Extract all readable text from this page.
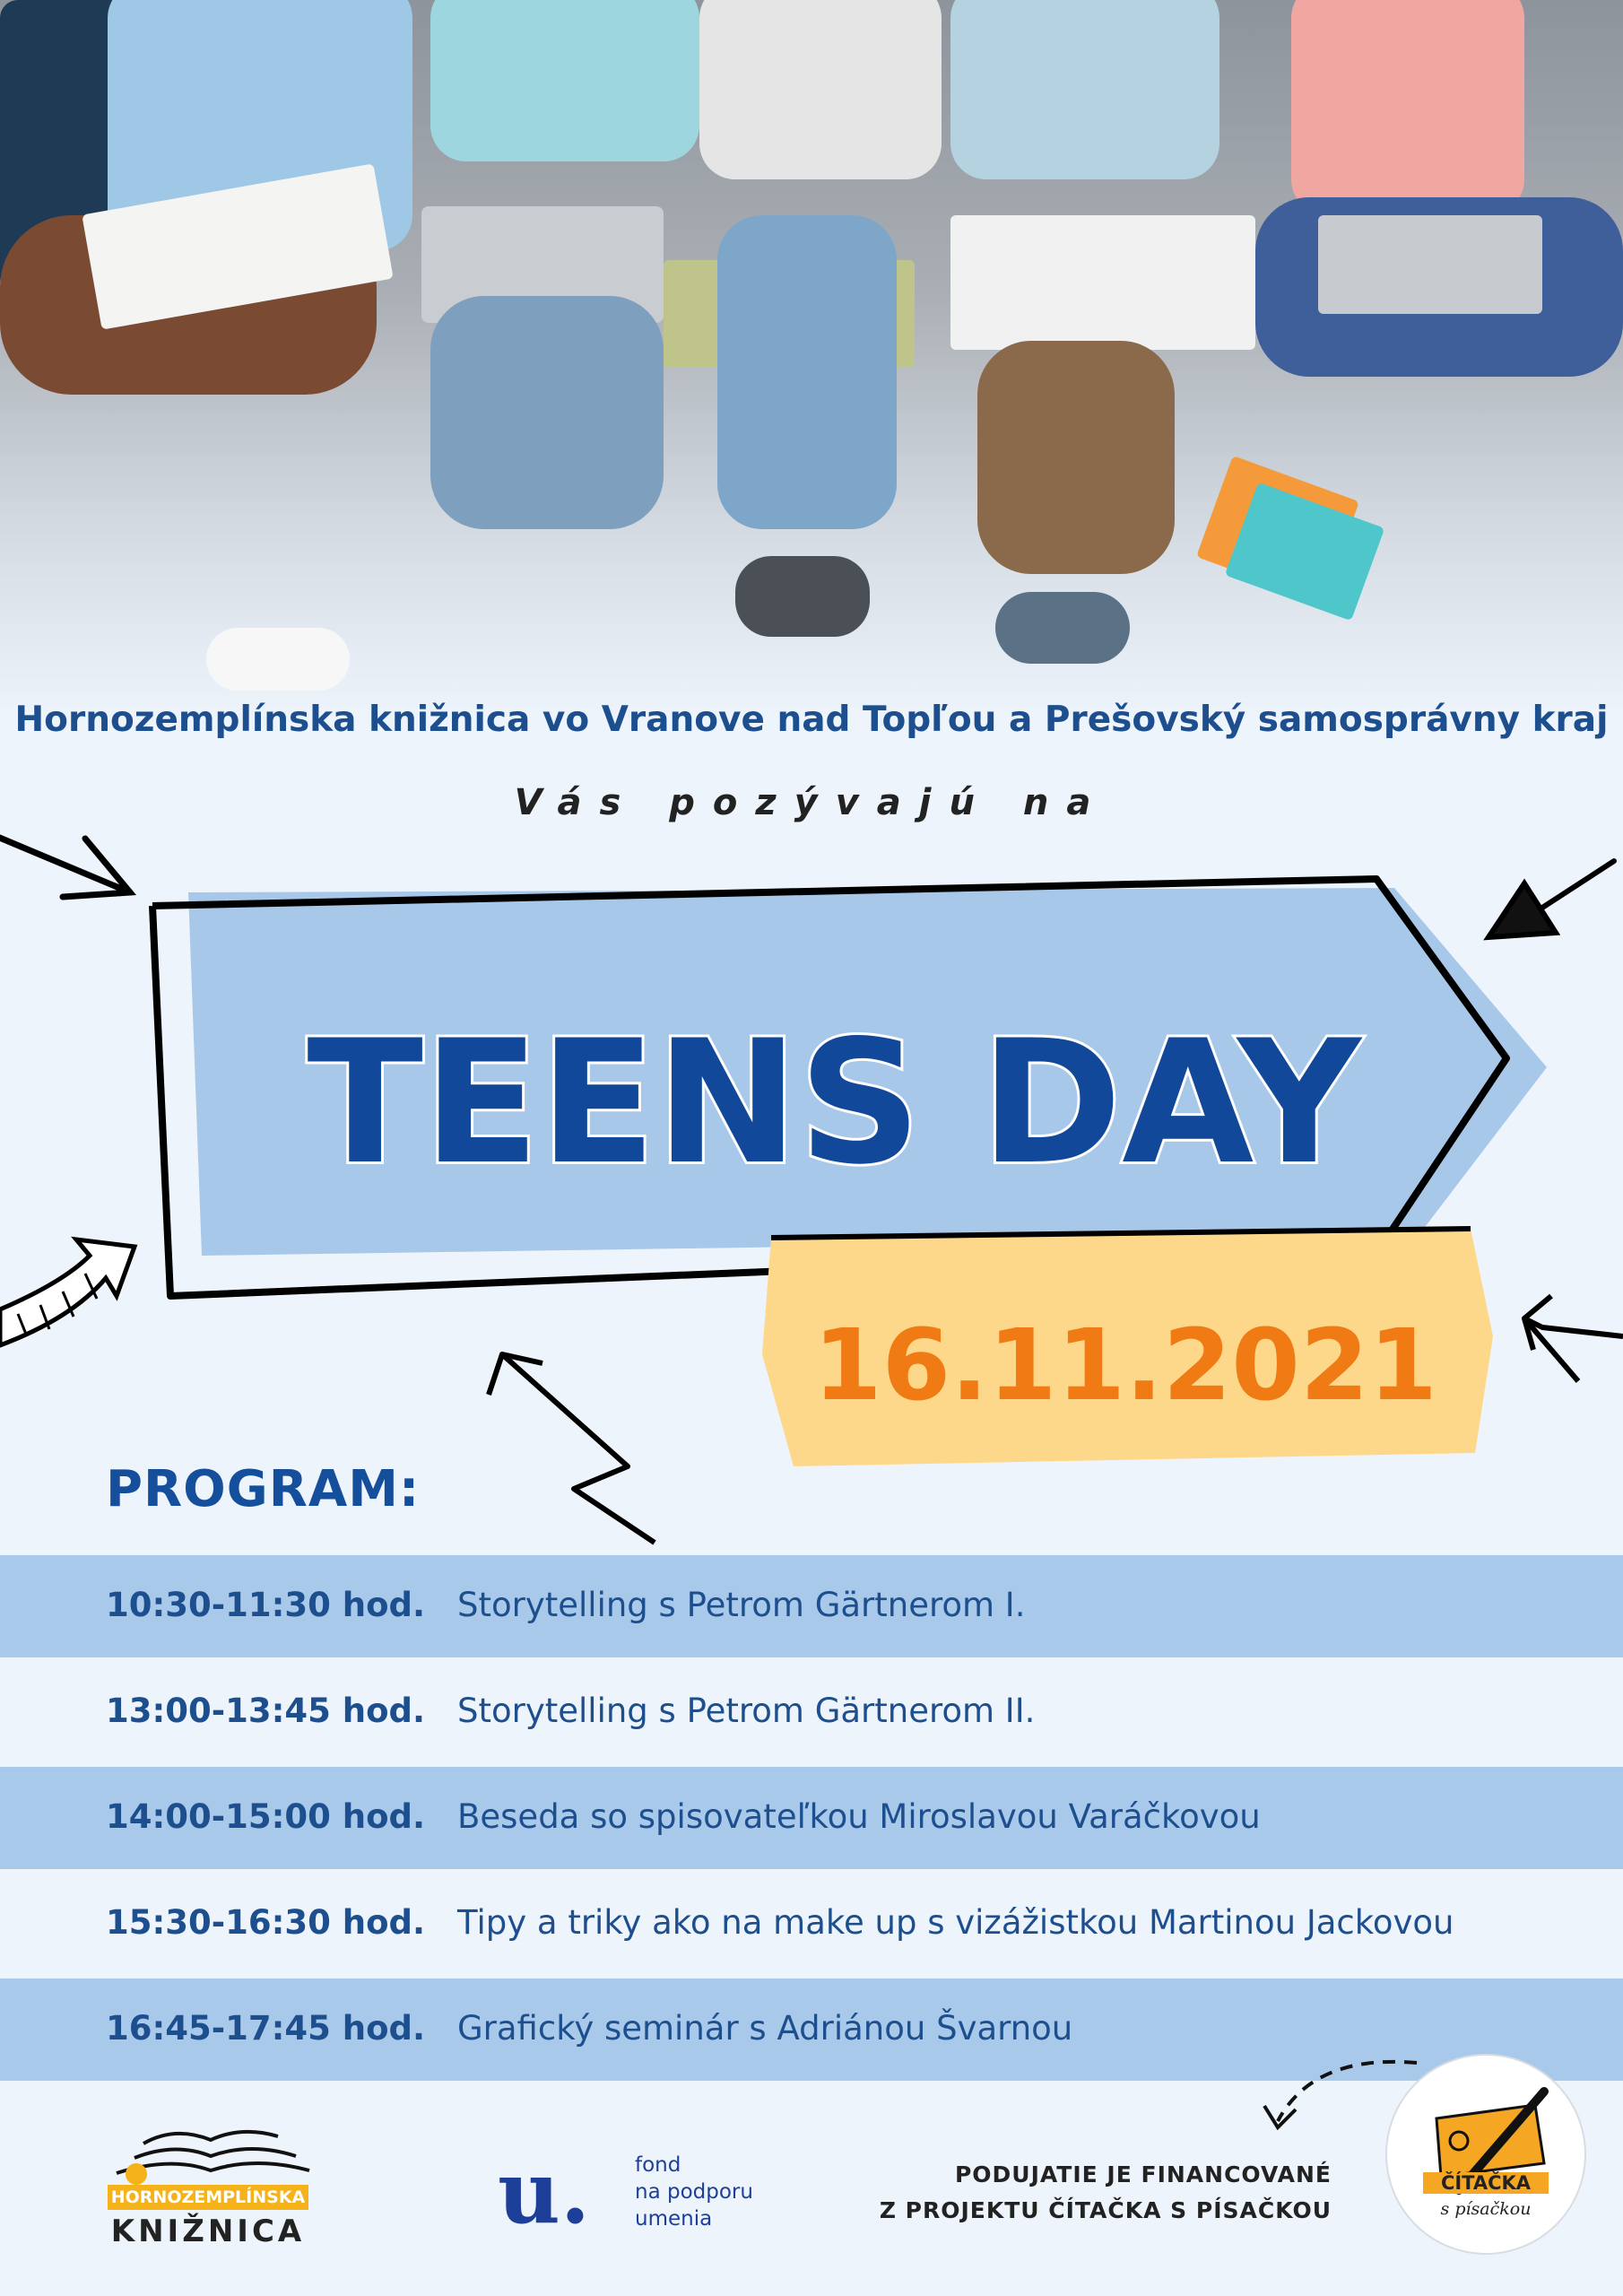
Hornozemplínska knižnica vo Vranove nad Topľou a Prešovský samosprávny kraj
Vás pozývajú na
TEENS DAY
16.11.2021
PROGRAM:
10:30-11:30 hod. Storytelling s Petrom Gärtnerom I.
13:00-13:45 hod. Storytelling s Petrom Gärtnerom II.
14:00-15:00 hod. Beseda so spisovateľkou Miroslavou Varáčkovou
15:30-16:30 hod. Tipy a triky ako na make up s vizážistkou Martinou Jackovou
16:45-17:45 hod. Grafický seminár s Adriánou Švarnou
HORNOZEMPLÍNSKA
KNIŽNICA u. fond
na podporu
umenia
PODUJATIE JE FINANCOVANÉ
Z PROJEKTU ČÍTAČKA S PÍSAČKOU
ČÍTAČKA
s písačkou
